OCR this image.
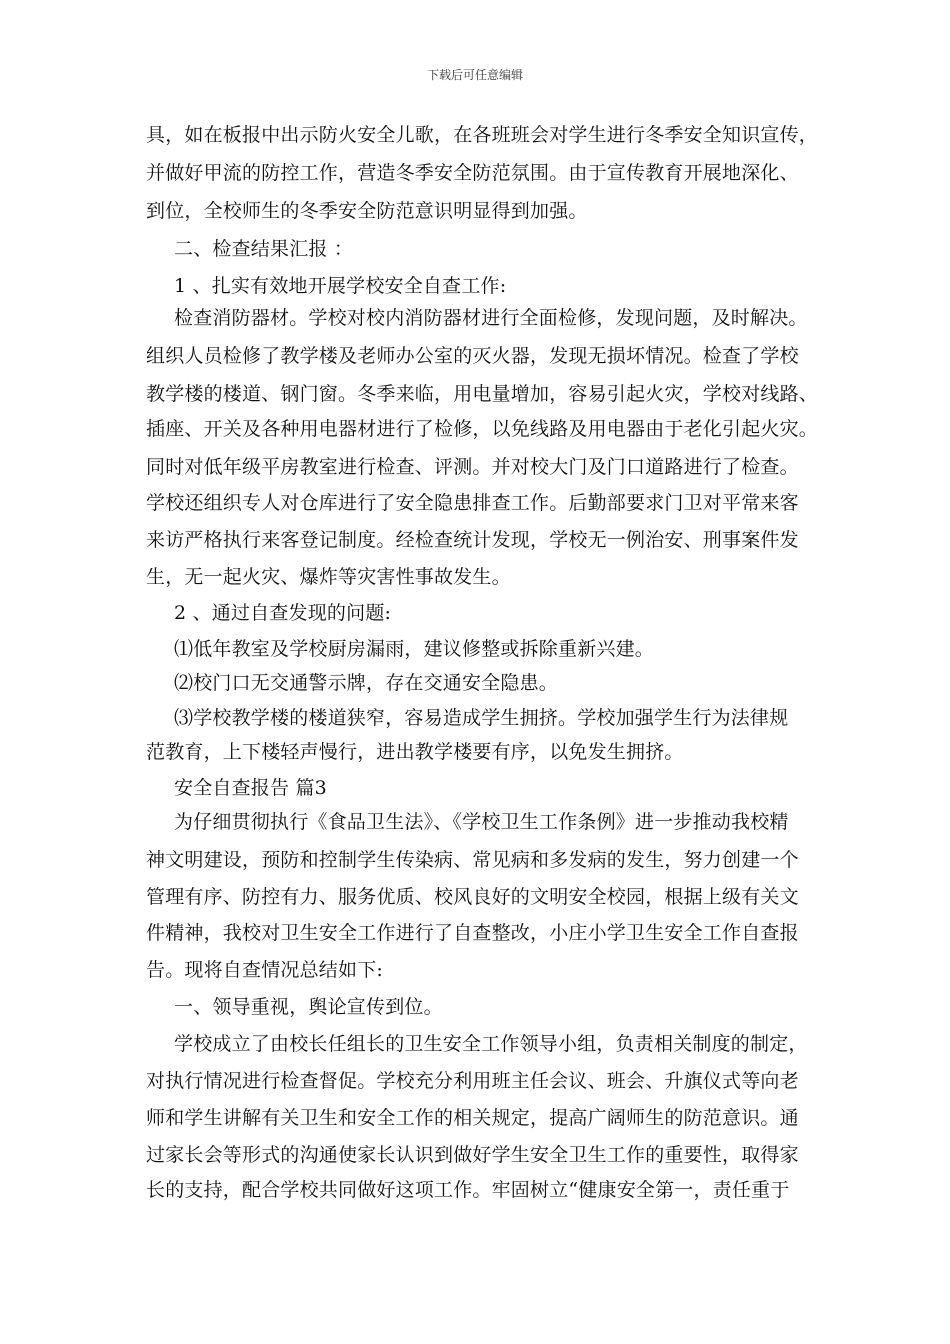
下载后可任意编辑
具，如在板报中出示防火安全儿歌，在各班班会对学生进行冬季安全知识宣传，
并做好甲流的防控工作，营造冬季安全防范氛围。由于宣传教育开展地深化、
到位，全校师生的冬季安全防范意识明显得到加强。
二、检查结果汇报 ：
1 、扎实有效地开展学校安全自查工作:
检查消防器材。学校对校内消防器材进行全面检修，发现问题，及时解决。
组织人员检修了教学楼及老师办公室的灭火器，发现无损坏情况。检查了学校
教学楼的楼道、钢门窗。冬季来临，用电量增加，容易引起火灾，学校对线路、
插座、开关及各种用电器材进行了检修，以免线路及用电器由于老化引起火灾。
同时对低年级平房教室进行检查、评测。并对校大门及门口道路进行了检查。
学校还组织专人对仓库进行了安全隐患排查工作。后勤部要求门卫对平常来客
来访严格执行来客登记制度。经检查统计发现，学校无一例治安、刑事案件发
生，无一起火灾、爆炸等灾害性事故发生。
2 、通过自查发现的问题:
⑴低年教室及学校厨房漏雨，建议修整或拆除重新兴建。
⑵校门口无交通警示牌，存在交通安全隐患。
⑶学校教学楼的楼道狭窄，容易造成学生拥挤。学校加强学生行为法律规
范教育，上下楼轻声慢行，进出教学楼要有序，以免发生拥挤。
安全自查报告 篇3
为仔细贯彻执行《食品卫生法》、《学校卫生工作条例》进一步推动我校精
神文明建设，预防和控制学生传染病、常见病和多发病的发生，努力创建一个
管理有序、防控有力、服务优质、校风良好的文明安全校园，根据上级有关文
件精神，我校对卫生安全工作进行了自查整改，小庄小学卫生安全工作自查报
告。现将自查情况总结如下:
一、领导重视，舆论宣传到位。
学校成立了由校长任组长的卫生安全工作领导小组，负责相关制度的制定，
对执行情况进行检查督促。学校充分利用班主任会议、班会、升旗仪式等向老
师和学生讲解有关卫生和安全工作的相关规定，提高广阔师生的防范意识。通
过家长会等形式的沟通使家长认识到做好学生安全卫生工作的重要性，取得家
长的支持，配合学校共同做好这项工作。牢固树立“健康安全第一，责任重于
